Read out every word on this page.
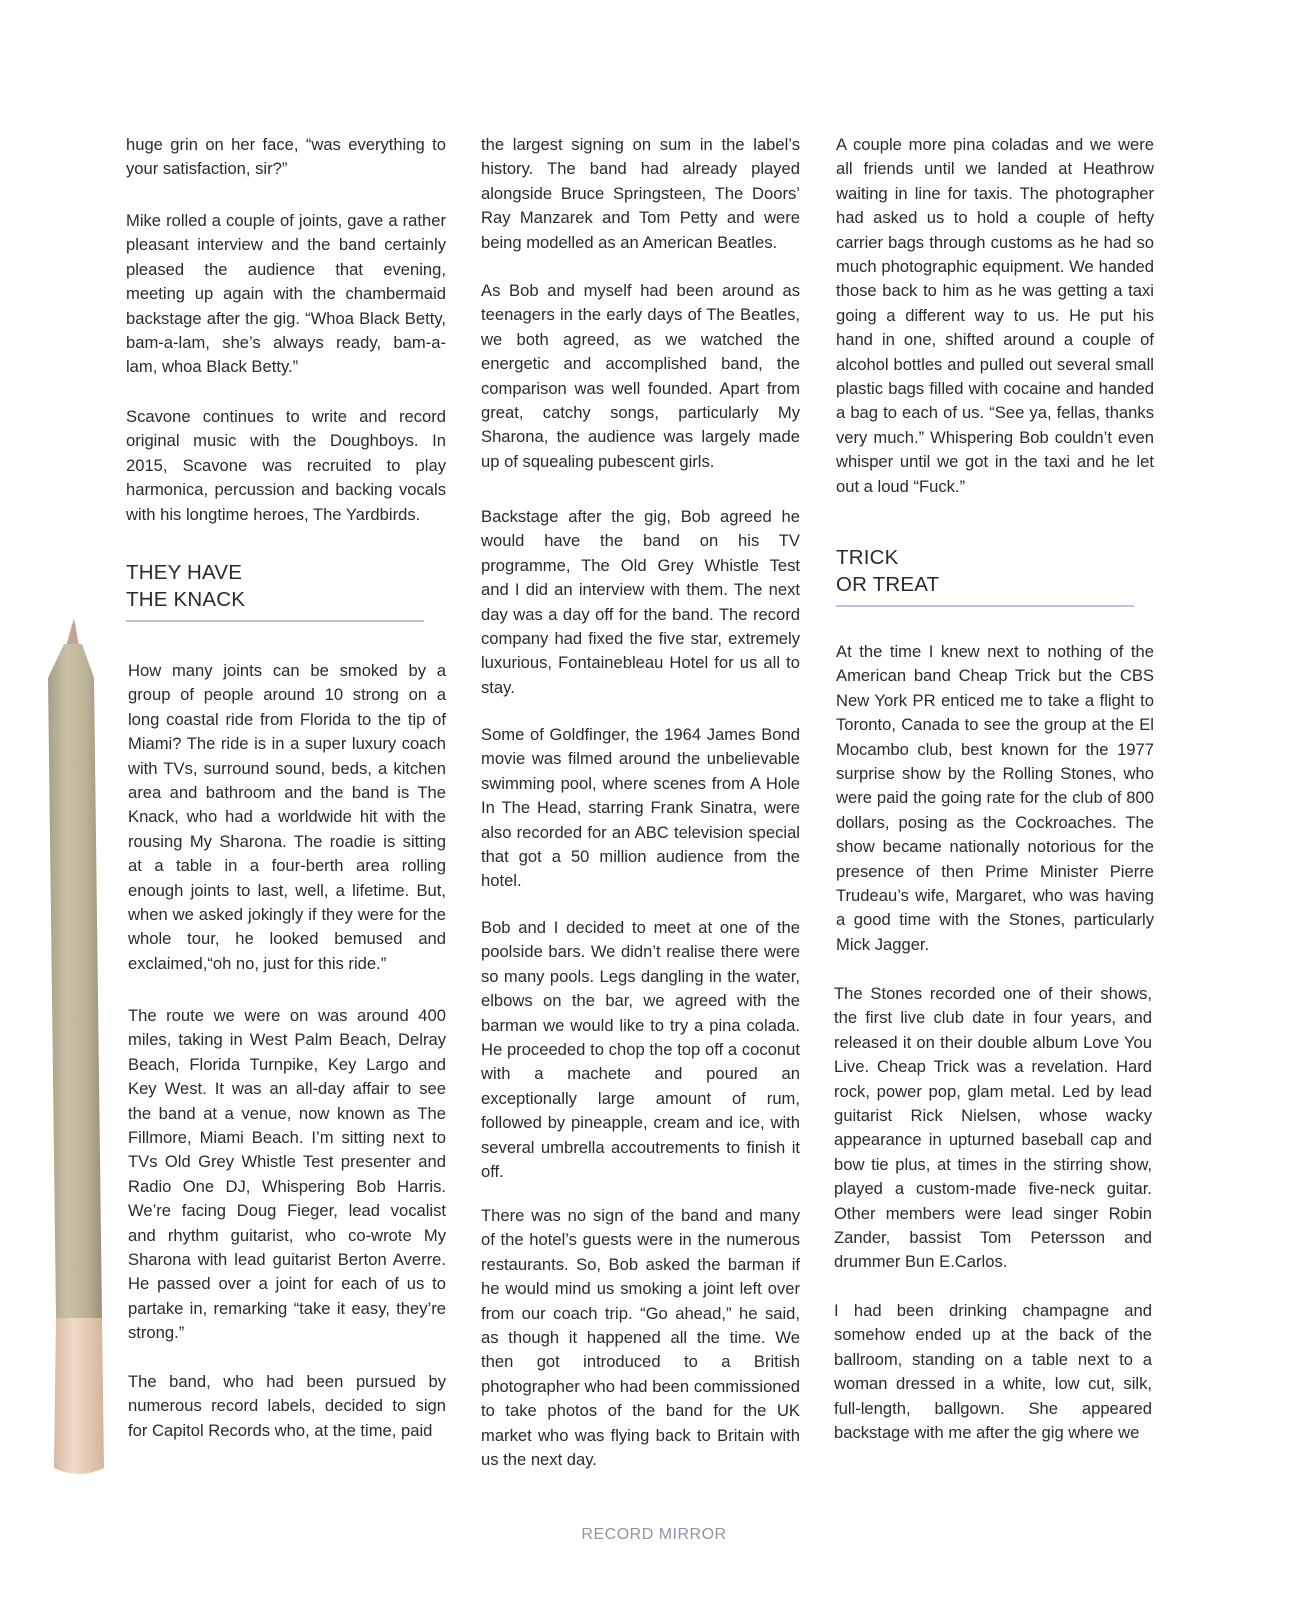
huge grin on her face, “was everything to your satisfaction, sir?”

Mike rolled a couple of joints, gave a rather pleasant interview and the band certainly pleased the audience that evening, meeting up again with the chambermaid backstage after the gig. “Whoa Black Betty, bam-a-lam, she’s always ready, bam-a-lam, whoa Black Betty.”

Scavone continues to write and record original music with the Doughboys. In 2015, Scavone was recruited to play harmonica, percussion and backing vocals with his longtime heroes, The Yardbirds.

THEY HAVE
THE KNACK

How many joints can be smoked by a group of people around 10 strong on a long coastal ride from Florida to the tip of Miami? The ride is in a super luxury coach with TVs, surround sound, beds, a kitchen area and bathroom and the band is The Knack, who had a worldwide hit with the rousing My Sharona. The roadie is sitting at a table in a four-berth area rolling enough joints to last, well, a lifetime. But, when we asked jokingly if they were for the whole tour, he looked bemused and exclaimed,“oh no, just for this ride.”

The route we were on was around 400 miles, taking in West Palm Beach, Delray Beach, Florida Turnpike, Key Largo and Key West. It was an all-day affair to see the band at a venue, now known as The Fillmore, Miami Beach. I’m sitting next to TVs Old Grey Whistle Test presenter and Radio One DJ, Whispering Bob Harris. We’re facing Doug Fieger, lead vocalist and rhythm guitarist, who co-wrote My Sharona with lead guitarist Berton Averre. He passed over a joint for each of us to partake in, remarking “take it easy, they’re strong.”

The band, who had been pursued by numerous record labels, decided to sign for Capitol Records who, at the time, paid

the largest signing on sum in the label’s history. The band had already played alongside Bruce Springsteen, The Doors’ Ray Manzarek and Tom Petty and were being modelled as an American Beatles.

As Bob and myself had been around as teenagers in the early days of The Beatles, we both agreed, as we watched the energetic and accomplished band, the comparison was well founded. Apart from great, catchy songs, particularly My Sharona, the audience was largely made up of squealing pubescent girls.

Backstage after the gig, Bob agreed he would have the band on his TV programme, The Old Grey Whistle Test and I did an interview with them. The next day was a day off for the band. The record company had fixed the five star, extremely luxurious, Fontainebleau Hotel for us all to stay.

Some of Goldfinger, the 1964 James Bond movie was filmed around the unbelievable swimming pool, where scenes from A Hole In The Head, starring Frank Sinatra, were also recorded for an ABC television special that got a 50 million audience from the hotel.

Bob and I decided to meet at one of the poolside bars. We didn’t realise there were so many pools. Legs dangling in the water, elbows on the bar, we agreed with the barman we would like to try a pina colada. He proceeded to chop the top off a coconut with a machete and poured an exceptionally large amount of rum, followed by pineapple, cream and ice, with several umbrella accoutrements to finish it off.

There was no sign of the band and many of the hotel’s guests were in the numerous restaurants. So, Bob asked the barman if he would mind us smoking a joint left over from our coach trip. “Go ahead,” he said, as though it happened all the time. We then got introduced to a British photographer who had been commissioned to take photos of the band for the UK market who was flying back to Britain with us the next day.

A couple more pina coladas and we were all friends until we landed at Heathrow waiting in line for taxis. The photographer had asked us to hold a couple of hefty carrier bags through customs as he had so much photographic equipment. We handed those back to him as he was getting a taxi going a different way to us. He put his hand in one, shifted around a couple of alcohol bottles and pulled out several small plastic bags filled with cocaine and handed a bag to each of us. “See ya, fellas, thanks very much.” Whispering Bob couldn’t even whisper until we got in the taxi and he let out a loud “Fuck.”

TRICK
OR TREAT

At the time I knew next to nothing of the American band Cheap Trick but the CBS New York PR enticed me to take a flight to Toronto, Canada to see the group at the El Mocambo club, best known for the 1977 surprise show by the Rolling Stones, who were paid the going rate for the club of 800 dollars, posing as the Cockroaches. The show became nationally notorious for the presence of then Prime Minister Pierre Trudeau’s wife, Margaret, who was having a good time with the Stones, particularly Mick Jagger.

The Stones recorded one of their shows, the first live club date in four years, and released it on their double album Love You Live. Cheap Trick was a revelation. Hard rock, power pop, glam metal. Led by lead guitarist Rick Nielsen, whose wacky appearance in upturned baseball cap and bow tie plus, at times in the stirring show, played a custom-made five-neck guitar. Other members were lead singer Robin Zander, bassist Tom Petersson and drummer Bun E.Carlos.

I had been drinking champagne and somehow ended up at the back of the ballroom, standing on a table next to a woman dressed in a white, low cut, silk, full-length, ballgown. She appeared backstage with me after the gig where we

RECORD MIRROR
